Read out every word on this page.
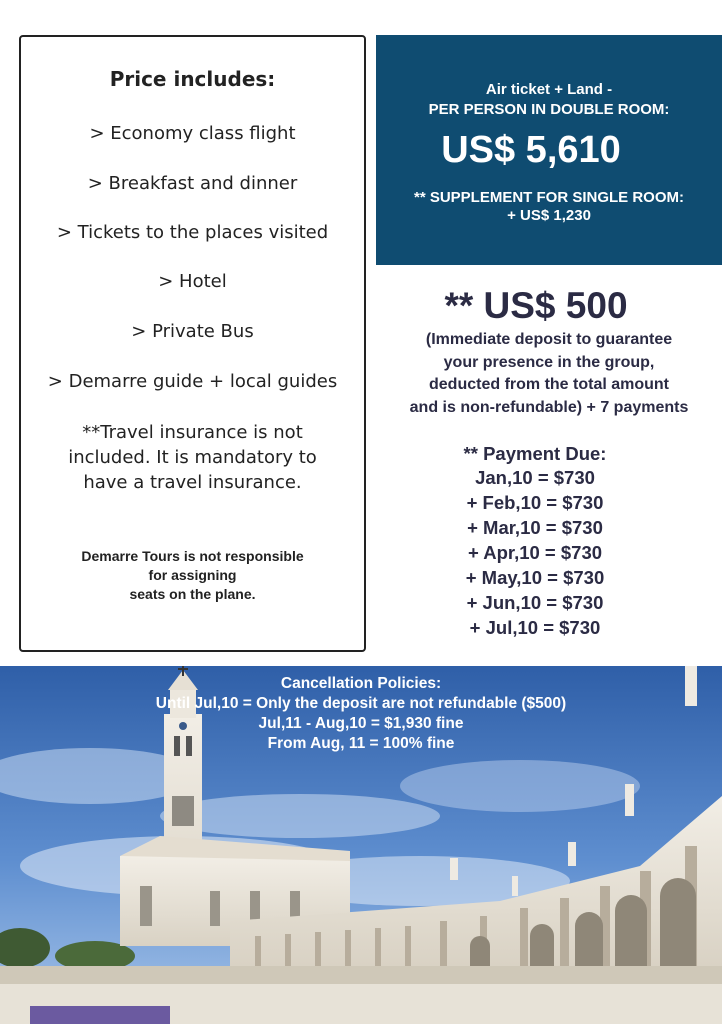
Price includes:
> Economy class flight
> Breakfast and dinner
> Tickets to the places visited
> Hotel
> Private Bus
> Demarre guide + local guides
**Travel insurance is not
included. It is mandatory to
have a travel insurance.
Demarre Tours is not responsible
for assigning
seats on the plane.
Air ticket + Land -
PER PERSON IN DOUBLE ROOM:
US$ 5,610
** SUPPLEMENT FOR SINGLE ROOM:
+ US$ 1,230
** US$ 500
(Immediate deposit to guarantee
your presence in the group,
deducted from the total amount
and is non-refundable) + 7 payments
** Payment Due:
Jan,10 = $730
+ Feb,10 = $730
+ Mar,10 = $730
+ Apr,10 = $730
+ May,10 = $730
+ Jun,10 = $730
+ Jul,10 = $730
Cancellation Policies:
Until Jul,10 = Only the deposit are not refundable ($500)
Jul,11 - Aug,10 = $1,930 fine
From Aug, 11 = 100% fine
